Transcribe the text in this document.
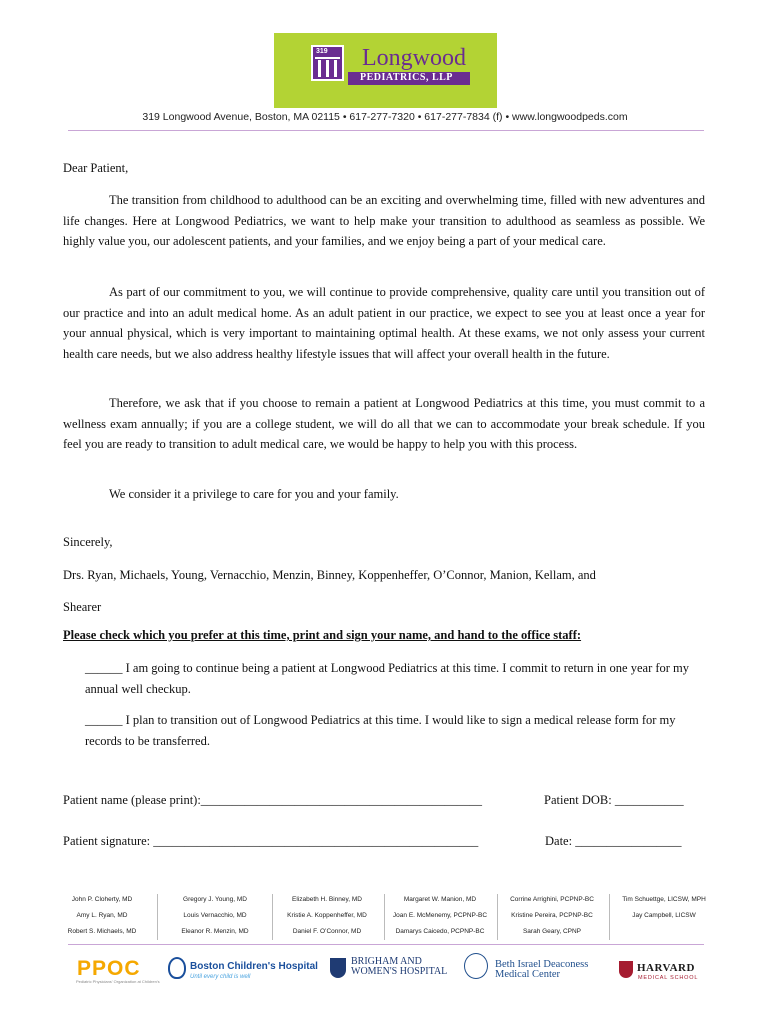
319 Longwood
PEDIATRICS, LLP
319 Longwood Avenue, Boston, MA 02115 • 617-277-7320 • 617-277-7834 (f) • www.longwoodpeds.com
Dear Patient,
The transition from childhood to adulthood can be an exciting and overwhelming time, filled with new adventures and life changes. Here at Longwood Pediatrics, we want to help make your transition to adulthood as seamless as possible. We highly value you, our adolescent patients, and your families, and we enjoy being a part of your medical care.
As part of our commitment to you, we will continue to provide comprehensive, quality care until you transition out of our practice and into an adult medical home. As an adult patient in our practice, we expect to see you at least once a year for your annual physical, which is very important to maintaining optimal health. At these exams, we not only assess your current health care needs, but we also address healthy lifestyle issues that will affect your overall health in the future.
Therefore, we ask that if you choose to remain a patient at Longwood Pediatrics at this time, you must commit to a wellness exam annually; if you are a college student, we will do all that we can to accommodate your break schedule. If you feel you are ready to transition to adult medical care, we would be happy to help you with this process.
We consider it a privilege to care for you and your family.
Sincerely,
Drs. Ryan, Michaels, Young, Vernacchio, Menzin, Binney, Koppenheffer, O’Connor, Manion, Kellam, and
Shearer
Please check which you prefer at this time, print and sign your name, and hand to the office staff:
______ I am going to continue being a patient at Longwood Pediatrics at this time. I commit to return in one year for my annual well checkup.
______ I plan to transition out of Longwood Pediatrics at this time. I would like to sign a medical release form for my records to be transferred.
Patient name (please print):_____________________________________________	Patient DOB: ___________
Patient signature: ____________________________________________________	Date: _________________
John P. Cloherty, MD
Amy L. Ryan, MD
Robert S. Michaels, MD
Gregory J. Young, MD
Louis Vernacchio, MD
Eleanor R. Menzin, MD
Elizabeth H. Binney, MD
Kristie A. Koppenheffer, MD
Daniel F. O’Connor, MD
Margaret W. Manion, MD
Joan E. McMenemy, PCPNP-BC
Damarys Caicedo, PCPNP-BC
Corrine Arrighini, PCPNP-BC
Kristine Pereira, PCPNP-BC
Sarah Geary, CPNP
Tim Schuettge, LICSW, MPH
Jay Campbell, LICSW
PPOC
Pediatric Physicians' Organization at Children's
Boston Children's Hospital
Until every child is well
BRIGHAM AND
WOMEN'S HOSPITAL
Beth Israel Deaconess
Medical Center
HARVARD
MEDICAL SCHOOL
